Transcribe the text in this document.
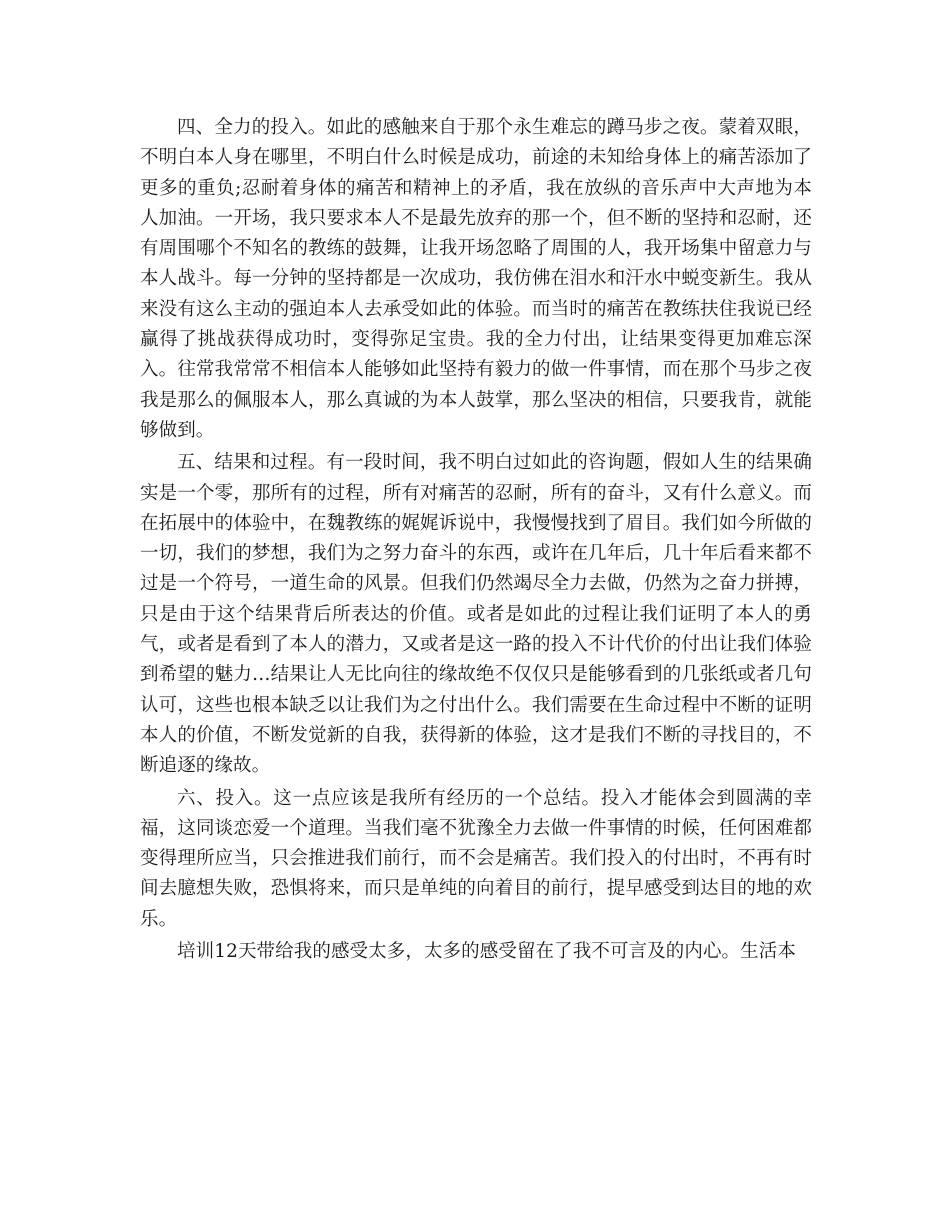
四、全力的投入。如此的感触来自于那个永生难忘的蹲马步之夜。蒙着双眼，不明白本人身在哪里，不明白什么时候是成功，前途的未知给身体上的痛苦添加了更多的重负;忍耐着身体的痛苦和精神上的矛盾，我在放纵的音乐声中大声地为本人加油。一开场，我只要求本人不是最先放弃的那一个，但不断的坚持和忍耐，还有周围哪个不知名的教练的鼓舞，让我开场忽略了周围的人，我开场集中留意力与本人战斗。每一分钟的坚持都是一次成功，我仿佛在泪水和汗水中蜕变新生。我从来没有这么主动的强迫本人去承受如此的体验。而当时的痛苦在教练扶住我说已经赢得了挑战获得成功时，变得弥足宝贵。我的全力付出，让结果变得更加难忘深入。往常我常常不相信本人能够如此坚持有毅力的做一件事情，而在那个马步之夜我是那么的佩服本人，那么真诚的为本人鼓掌，那么坚决的相信，只要我肯，就能够做到。

五、结果和过程。有一段时间，我不明白过如此的咨询题，假如人生的结果确实是一个零，那所有的过程，所有对痛苦的忍耐，所有的奋斗，又有什么意义。而在拓展中的体验中，在魏教练的娓娓诉说中，我慢慢找到了眉目。我们如今所做的一切，我们的梦想，我们为之努力奋斗的东西，或许在几年后，几十年后看来都不过是一个符号，一道生命的风景。但我们仍然竭尽全力去做，仍然为之奋力拼搏，只是由于这个结果背后所表达的价值。或者是如此的过程让我们证明了本人的勇气，或者是看到了本人的潜力，又或者是这一路的投入不计代价的付出让我们体验到希望的魅力…结果让人无比向往的缘故绝不仅仅只是能够看到的几张纸或者几句认可，这些也根本缺乏以让我们为之付出什么。我们需要在生命过程中不断的证明本人的价值，不断发觉新的自我，获得新的体验，这才是我们不断的寻找目的，不断追逐的缘故。

六、投入。这一点应该是我所有经历的一个总结。投入才能体会到圆满的幸福，这同谈恋爱一个道理。当我们毫不犹豫全力去做一件事情的时候，任何困难都变得理所应当，只会推进我们前行，而不会是痛苦。我们投入的付出时，不再有时间去臆想失败，恐惧将来，而只是单纯的向着目的前行，提早感受到达目的地的欢乐。

培训12天带给我的感受太多，太多的感受留在了我不可言及的内心。生活本
